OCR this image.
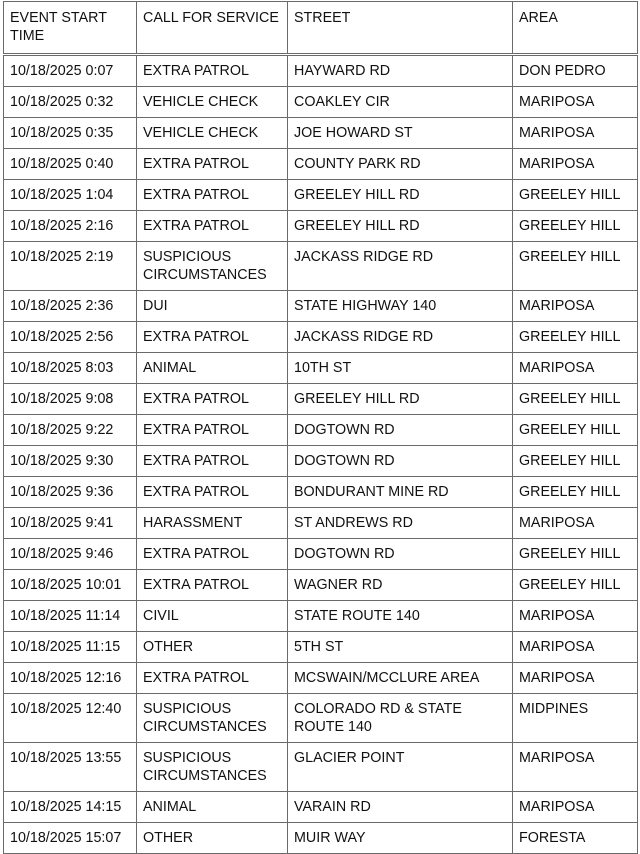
EVENT START TIME	CALL FOR SERVICE	STREET	AREA
10/18/2025 0:07	EXTRA PATROL	HAYWARD RD	DON PEDRO
10/18/2025 0:32	VEHICLE CHECK	COAKLEY CIR	MARIPOSA
10/18/2025 0:35	VEHICLE CHECK	JOE HOWARD ST	MARIPOSA
10/18/2025 0:40	EXTRA PATROL	COUNTY PARK RD	MARIPOSA
10/18/2025 1:04	EXTRA PATROL	GREELEY HILL RD	GREELEY HILL
10/18/2025 2:16	EXTRA PATROL	GREELEY HILL RD	GREELEY HILL
10/18/2025 2:19	SUSPICIOUS CIRCUMSTANCES	JACKASS RIDGE RD	GREELEY HILL
10/18/2025 2:36	DUI	STATE HIGHWAY 140	MARIPOSA
10/18/2025 2:56	EXTRA PATROL	JACKASS RIDGE RD	GREELEY HILL
10/18/2025 8:03	ANIMAL	10TH ST	MARIPOSA
10/18/2025 9:08	EXTRA PATROL	GREELEY HILL RD	GREELEY HILL
10/18/2025 9:22	EXTRA PATROL	DOGTOWN RD	GREELEY HILL
10/18/2025 9:30	EXTRA PATROL	DOGTOWN RD	GREELEY HILL
10/18/2025 9:36	EXTRA PATROL	BONDURANT MINE RD	GREELEY HILL
10/18/2025 9:41	HARASSMENT	ST ANDREWS RD	MARIPOSA
10/18/2025 9:46	EXTRA PATROL	DOGTOWN RD	GREELEY HILL
10/18/2025 10:01	EXTRA PATROL	WAGNER RD	GREELEY HILL
10/18/2025 11:14	CIVIL	STATE ROUTE 140	MARIPOSA
10/18/2025 11:15	OTHER	5TH ST	MARIPOSA
10/18/2025 12:16	EXTRA PATROL	MCSWAIN/MCCLURE AREA	MARIPOSA
10/18/2025 12:40	SUSPICIOUS CIRCUMSTANCES	COLORADO RD & STATE ROUTE 140	MIDPINES
10/18/2025 13:55	SUSPICIOUS CIRCUMSTANCES	GLACIER POINT	MARIPOSA
10/18/2025 14:15	ANIMAL	VARAIN RD	MARIPOSA
10/18/2025 15:07	OTHER	MUIR WAY	FORESTA
